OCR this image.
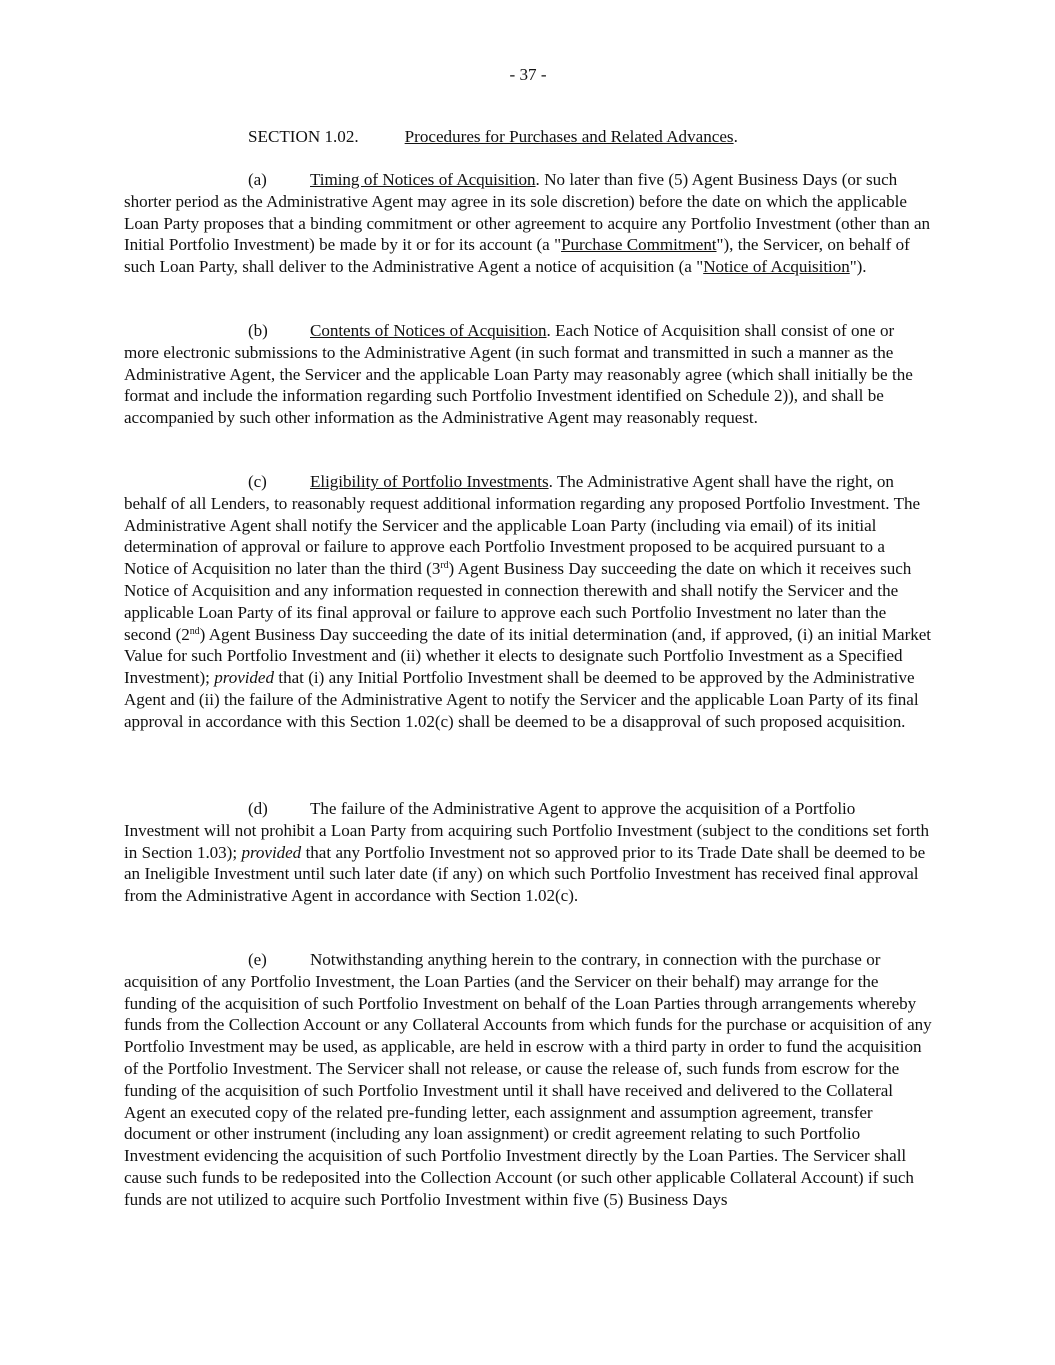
- 37 -
SECTION 1.02.	Procedures for Purchases and Related Advances.

(a)	Timing of Notices of Acquisition. No later than five (5) Agent Business Days (or such shorter period as the Administrative Agent may agree in its sole discretion) before the date on which the applicable Loan Party proposes that a binding commitment or other agreement to acquire any Portfolio Investment (other than an Initial Portfolio Investment) be made by it or for its account (a "Purchase Commitment"), the Servicer, on behalf of such Loan Party, shall deliver to the Administrative Agent a notice of acquisition (a "Notice of Acquisition").

(b) Contents of Notices of Acquisition. Each Notice of Acquisition shall consist of one or more electronic submissions to the Administrative Agent (in such format and transmitted in such a manner as the Administrative Agent, the Servicer and the applicable Loan Party may reasonably agree (which shall initially be the format and include the information regarding such Portfolio Investment identified on Schedule 2)), and shall be accompanied by such other information as the Administrative Agent may reasonably request.

(c)	Eligibility of Portfolio Investments. The Administrative Agent shall have the right, on behalf of all Lenders, to reasonably request additional information regarding any proposed Portfolio Investment. The Administrative Agent shall notify the Servicer and the applicable Loan Party (including via email) of its initial determination of approval or failure to approve each Portfolio Investment proposed to be acquired pursuant to a Notice of Acquisition no later than the third (3rd) Agent Business Day succeeding the date on which it receives such Notice of Acquisition and any information requested in connection therewith and shall notify the Servicer and the applicable Loan Party of its final approval or failure to approve each such Portfolio Investment no later than the second (2nd) Agent Business Day succeeding the date of its initial determination (and, if approved, (i) an initial Market Value for such Portfolio Investment and (ii) whether it elects to designate such Portfolio Investment as a Specified Investment); provided that (i) any Initial Portfolio Investment shall be deemed to be approved by the Administrative Agent and (ii) the failure of the Administrative Agent to notify the Servicer and the applicable Loan Party of its final approval in accordance with this Section 1.02(c) shall be deemed to be a disapproval of such proposed acquisition.

(d) The failure of the Administrative Agent to approve the acquisition of a Portfolio Investment will not prohibit a Loan Party from acquiring such Portfolio Investment (subject to the conditions set forth in Section 1.03); provided that any Portfolio Investment not so approved prior to its Trade Date shall be deemed to be an Ineligible Investment until such later date (if any) on which such Portfolio Investment has received final approval from the Administrative Agent in accordance with Section 1.02(c).

(e)	Notwithstanding anything herein to the contrary, in connection with the purchase or acquisition of any Portfolio Investment, the Loan Parties (and the Servicer on their behalf) may arrange for the funding of the acquisition of such Portfolio Investment on behalf of the Loan Parties through arrangements whereby funds from the Collection Account or any Collateral Accounts from which funds for the purchase or acquisition of any Portfolio Investment may be used, as applicable, are held in escrow with a third party in order to fund the acquisition of the Portfolio Investment. The Servicer shall not release, or cause the release of, such funds from escrow for the funding of the acquisition of such Portfolio Investment until it shall have received and delivered to the Collateral Agent an executed copy of the related pre-funding letter, each assignment and assumption agreement, transfer document or other instrument (including any loan assignment) or credit agreement relating to such Portfolio Investment evidencing the acquisition of such Portfolio Investment directly by the Loan Parties. The Servicer shall cause such funds to be redeposited into the Collection Account (or such other applicable Collateral Account) if such funds are not utilized to acquire such Portfolio Investment within five (5) Business Days
